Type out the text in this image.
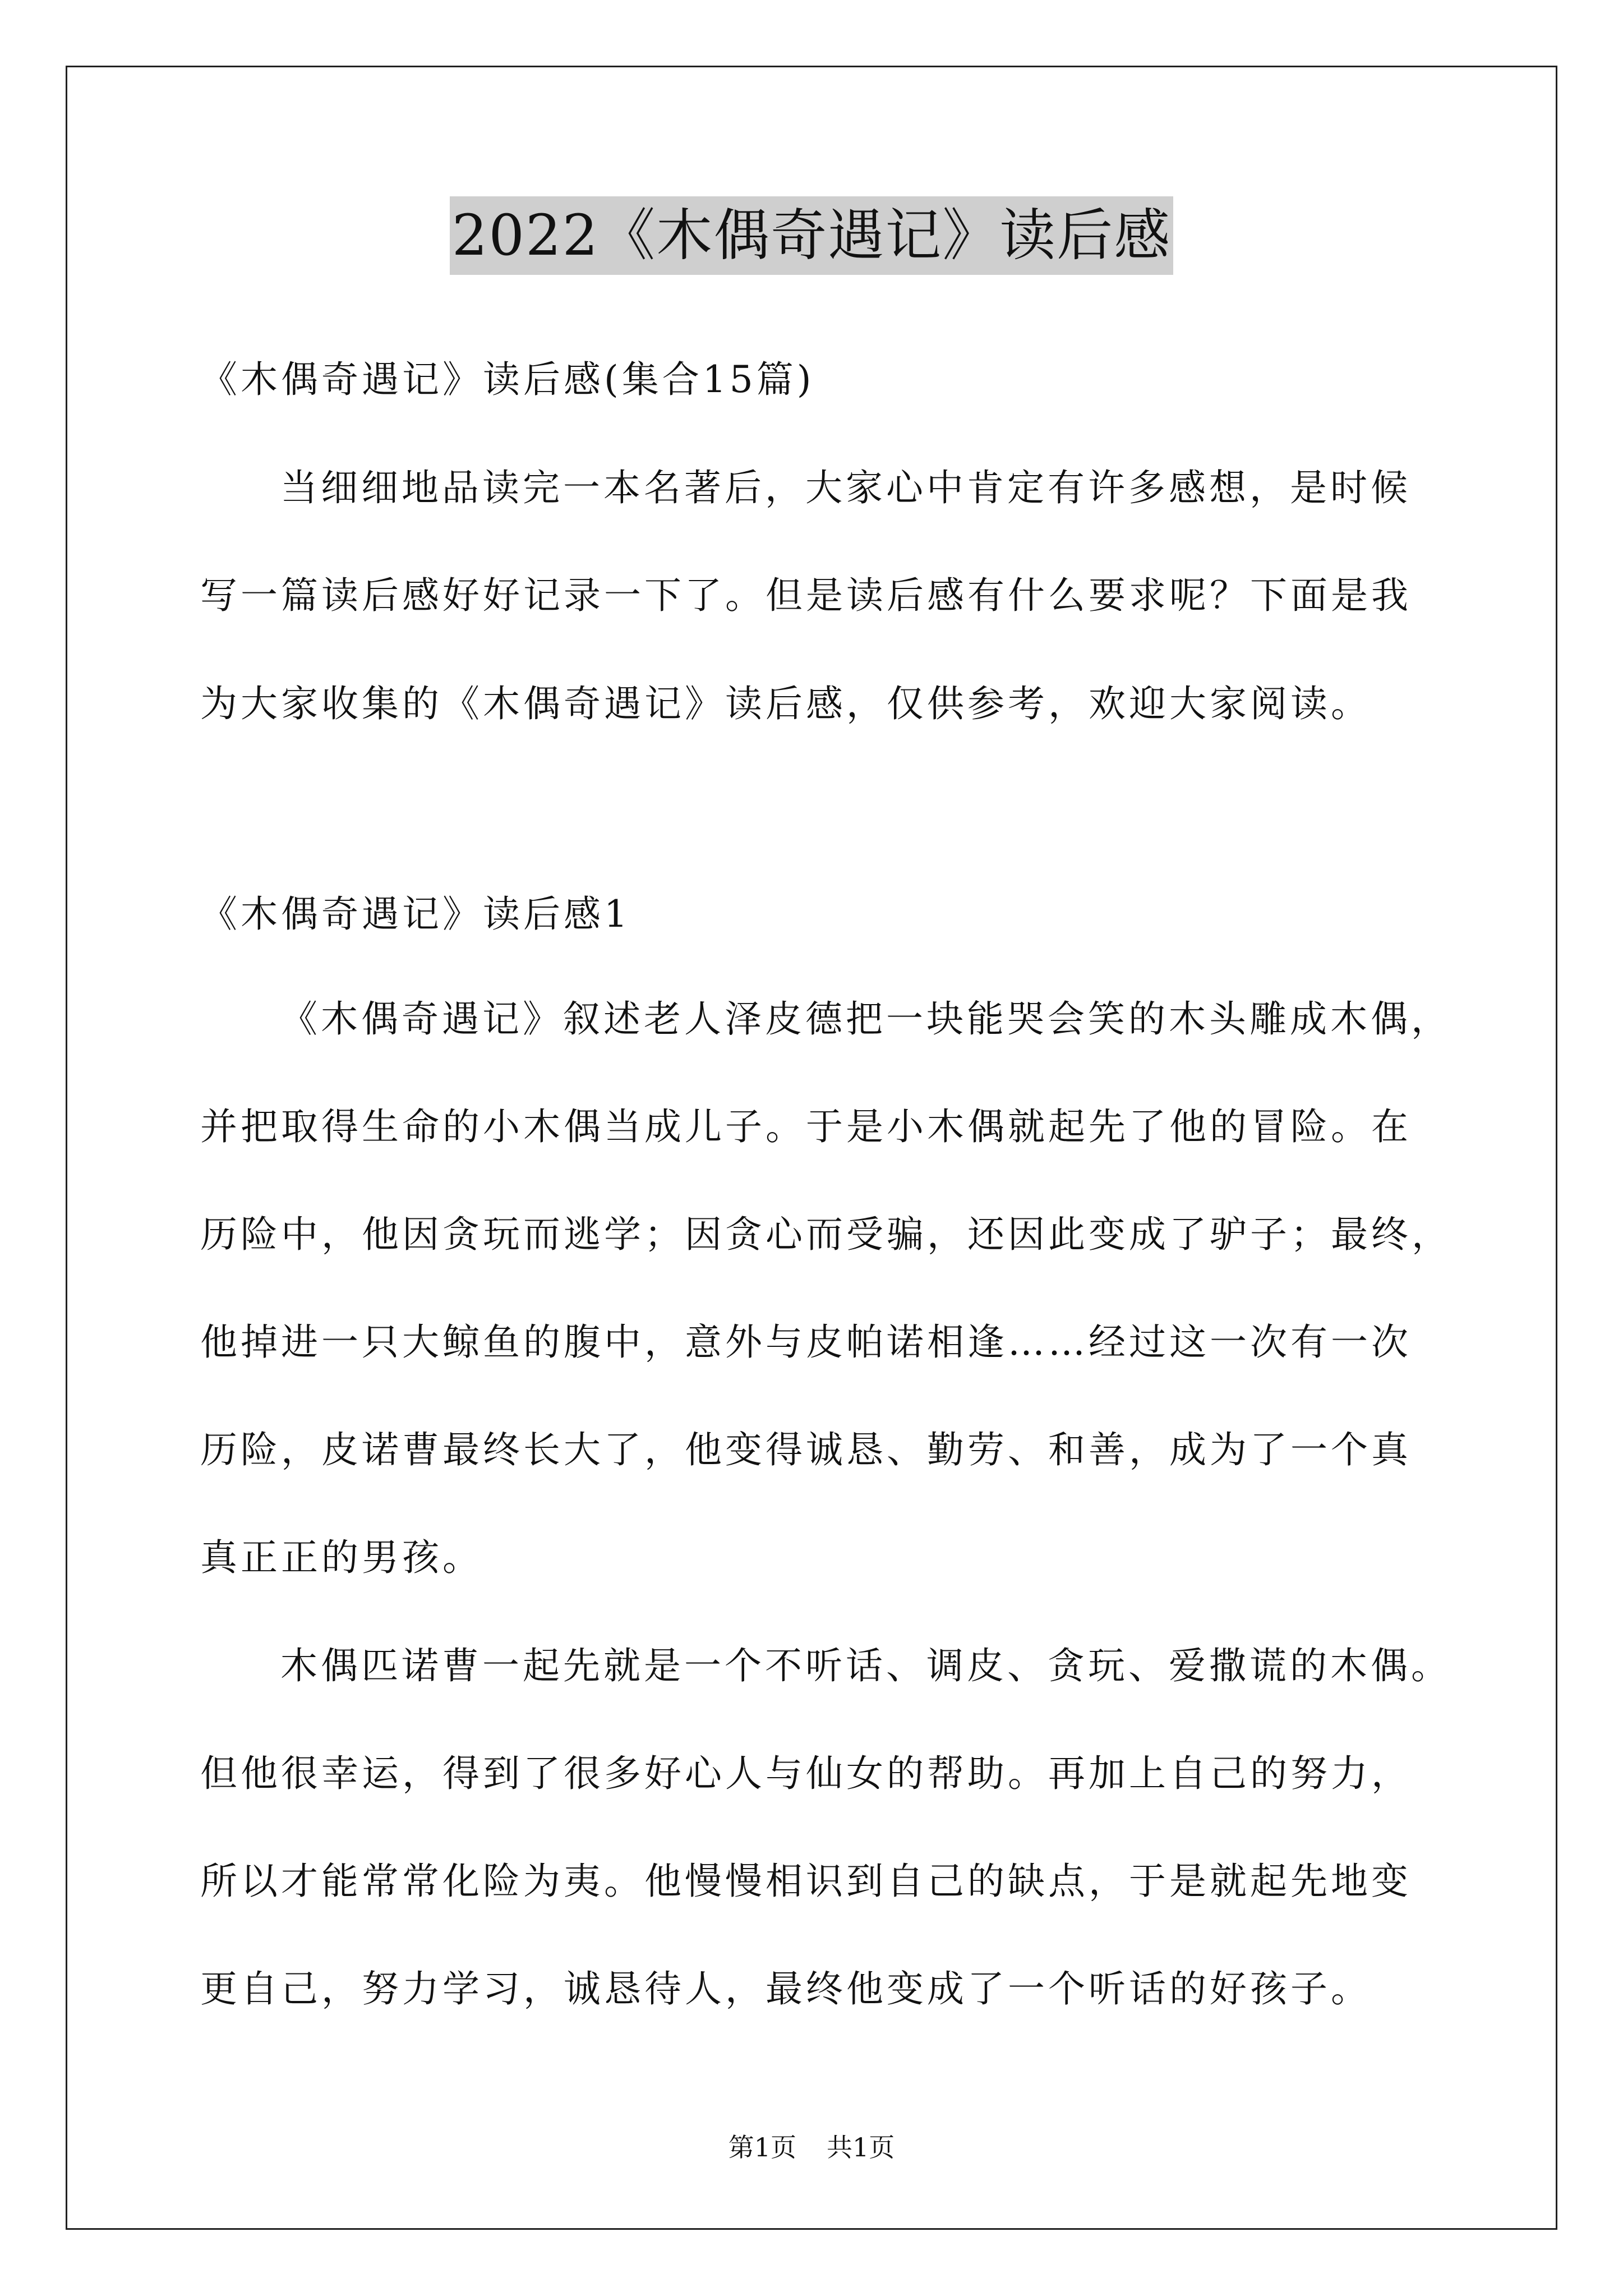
2022《木偶奇遇记》读后感
《木偶奇遇记》读后感(集合15篇)
当细细地品读完一本名著后，大家心中肯定有许多感想，是时候
写一篇读后感好好记录一下了。但是读后感有什么要求呢？下面是我
为大家收集的《木偶奇遇记》读后感，仅供参考，欢迎大家阅读。
《木偶奇遇记》读后感1
《木偶奇遇记》叙述老人泽皮德把一块能哭会笑的木头雕成木偶，
并把取得生命的小木偶当成儿子。于是小木偶就起先了他的冒险。在
历险中，他因贪玩而逃学；因贪心而受骗，还因此变成了驴子；最终，
他掉进一只大鲸鱼的腹中，意外与皮帕诺相逢……经过这一次有一次
历险，皮诺曹最终长大了，他变得诚恳、勤劳、和善，成为了一个真
真正正的男孩。
木偶匹诺曹一起先就是一个不听话、调皮、贪玩、爱撒谎的木偶。
但他很幸运，得到了很多好心人与仙女的帮助。再加上自己的努力，
所以才能常常化险为夷。他慢慢相识到自己的缺点，于是就起先地变
更自己，努力学习，诚恳待人，最终他变成了一个听话的好孩子。
第1页 共1页
